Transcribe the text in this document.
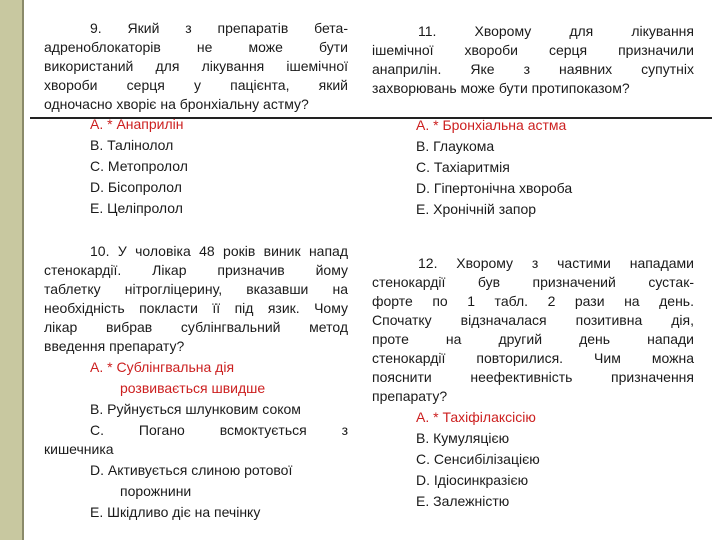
9. Який з препаратів бета-

адреноблокаторів не може бути

використаний для лікування ішемічної

хвороби серця у пацієнта, який

одночасно хворіє на бронхіальну астму?

A. * Анаприлін

B. Талінолол

C. Метопролол

D. Бісопролол

E. Целіпролол

10. У чоловіка 48 років виник напад

стенокардії. Лікар призначив йому

таблетку нітрогліцерину, вказавши на

необхідність покласти її під язик. Чому

лікар вибрав сублінгвальний метод

введення препарату?

A. * Сублінгвальна дія

розвивається швидше

B. Руйнується шлунковим соком

C. Погано всмоктується з

кишечника

D. Активується слиною ротової

порожнини

E. Шкідливо діє на печінку

11. Хворому для лікування

ішемічної хвороби серця призначили

анаприлін. Яке з наявних супутніх

захворювань може бути протипоказом?

A. * Бронхіальна астма

B. Глаукома

C. Тахіаритмія

D. Гіпертонічна хвороба

E. Хронічній запор

12. Хворому з частими нападами

стенокардії був призначений сустак-

форте по 1 табл. 2 рази на день.

Спочатку відзначалася позитивна дія,

проте на другий день напади

стенокардії повторилися. Чим можна

пояснити неефективність призначення

препарату?

A. * Тахіфілаксісію

B. Кумуляцією

C. Сенсибілізацією

D. Ідіосинкразією

E. Залежністю
